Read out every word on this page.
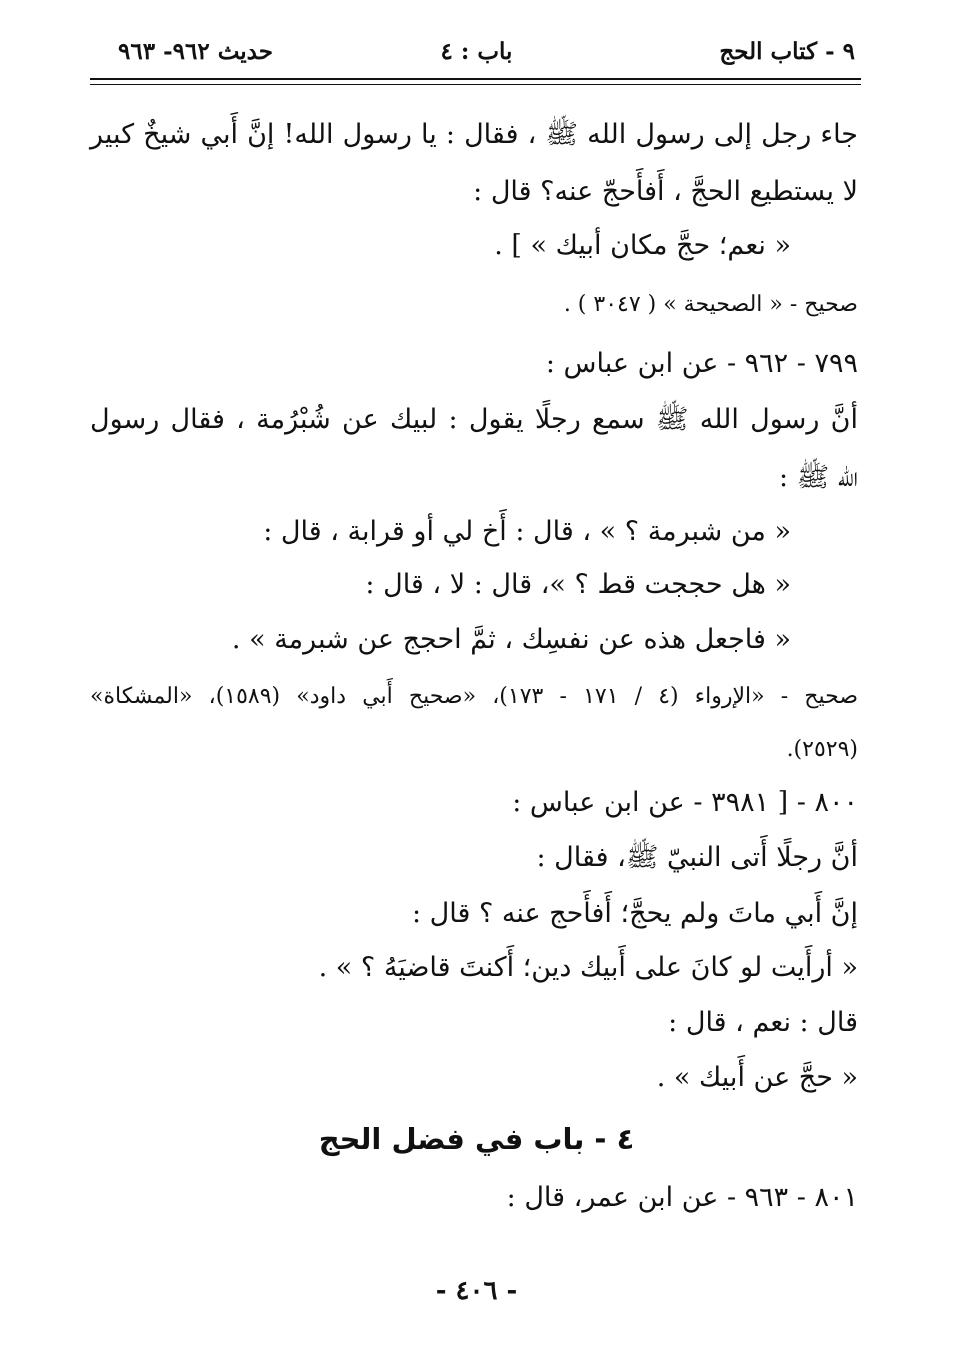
٩ - كتاب الحج
باب : ٤
حديث ٩٦٢- ٩٦٣
جاء رجل إلى رسول الله ﷺ ، فقال : يا رسول الله! إنَّ أَبي شيخٌ كبير
لا يستطيع الحجَّ ، أَفأَحجّ عنه؟ قال :
« نعم؛ حجَّ مكان أبيك » ] .
صحيح - « الصحيحة » ( ٣٠٤٧ ) .
٧٩٩ - ٩٦٢ - عن ابن عباس :
أنَّ رسول الله ﷺ سمع رجلًا يقول : لبيك عن شُبْرُمة ، فقال رسول
الله ﷺ :
« من شبرمة ؟ » ، قال : أَخ لي أو قرابة ، قال :
« هل حججت قط ؟ »، قال : لا ، قال :
« فاجعل هذه عن نفسِك ، ثمَّ احجج عن شبرمة » .
صحيح - «الإرواء (٤ / ١٧١ - ١٧٣)، «صحيح أَبي داود» (١٥٨٩)، «المشكاة»
(٢٥٢٩).
٨٠٠ - [ ٣٩٨١ - عن ابن عباس :
أنَّ رجلًا أَتى النبيّ ﷺ، فقال :
إنَّ أَبي ماتَ ولم يحجَّ؛ أَفأَحج عنه ؟ قال :
« أرأَيت لو كانَ على أَبيك دين؛ أَكنتَ قاضيَهُ ؟ » .
قال : نعم ، قال :
« حجَّ عن أَبيك » .
٤ - باب في فضل الحج
٨٠١ - ٩٦٣ - عن ابن عمر، قال :
- ٤٠٦ -
